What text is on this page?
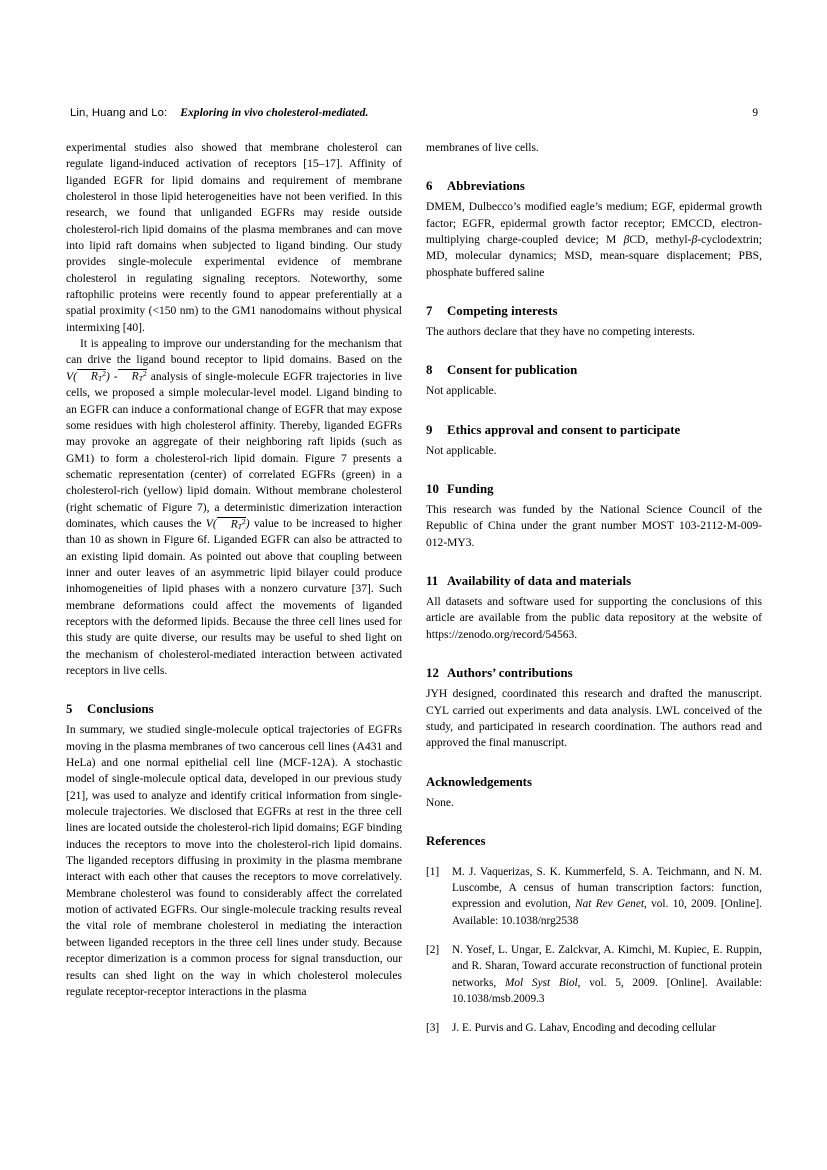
Lin, Huang and Lo: Exploring in vivo cholesterol-mediated.	9

experimental studies also showed that membrane cholesterol can regulate ligand-induced activation of receptors [15–17]. Affinity of liganded EGFR for lipid domains and requirement of membrane cholesterol in those lipid heterogeneities have not been verified. In this research, we found that unliganded EGFRs may reside outside cholesterol-rich lipid domains of the plasma membranes and can move into lipid raft domains when subjected to ligand binding. Our study provides single-molecule experimental evidence of membrane cholesterol in regulating signaling receptors. Noteworthy, some raftophilic proteins were recently found to appear preferentially at a spatial proximity (<150 nm) to the GM1 nanodomains without physical intermixing [40].

It is appealing to improve our understanding for the mechanism that can drive the ligand bound receptor to lipid domains. Based on the V( $R_T^2) - R_T^2$ analysis of single-molecule EGFR trajectories in live cells, we proposed a simple molecular-level model. Ligand binding to an EGFR can induce a conformational change of EGFR that may expose some residues with high cholesterol affinity. Thereby, liganded EGFRs may provoke an aggregate of their neighboring raft lipids (such as GM1) to form a cholesterol-rich lipid domain. Figure 7 presents a schematic representation (center) of correlated EGFRs (green) in a cholesterol-rich (yellow) lipid domain. Without membrane cholesterol (right schematic of Figure 7), a deterministic dimerization interaction dominates, which causes the V( $R_T^2$) value to be increased to higher than 10 as shown in Figure 6f. Liganded EGFR can also be attracted to an existing lipid domain. As pointed out above that coupling between inner and outer leaves of an asymmetric lipid bilayer could produce inhomogeneities of lipid phases with a nonzero curvature [37]. Such membrane deformations could affect the movements of liganded receptors with the deformed lipids. Because the three cell lines used for this study are quite diverse, our results may be useful to shed light on the mechanism of cholesterol-mediated interaction between activated receptors in live cells.

5 Conclusions

In summary, we studied single-molecule optical trajectories of EGFRs moving in the plasma membranes of two cancerous cell lines (A431 and HeLa) and one normal epithelial cell line (MCF-12A). A stochastic model of single-molecule optical data, developed in our previous study [21], was used to analyze and identify critical information from single-molecule trajectories. We disclosed that EGFRs at rest in the three cell lines are located outside the cholesterol-rich lipid domains; EGF binding induces the receptors to move into the cholesterol-rich lipid domains. The liganded receptors diffusing in proximity in the plasma membrane interact with each other that causes the receptors to move correlatively. Membrane cholesterol was found to considerably affect the correlated motion of activated EGFRs. Our single-molecule tracking results reveal the vital role of membrane cholesterol in mediating the interaction between liganded receptors in the three cell lines under study. Because receptor dimerization is a common process for signal transduction, our results can shed light on the way in which cholesterol molecules regulate receptor-receptor interactions in the plasma

membranes of live cells.

6 Abbreviations

DMEM, Dulbecco’s modified eagle’s medium; EGF, epidermal growth factor; EGFR, epidermal growth factor receptor; EMCCD, electron-multiplying charge-coupled device; M βCD, methyl-β-cyclodextrin; MD, molecular dynamics; MSD, mean-square displacement; PBS, phosphate buffered saline

7 Competing interests

The authors declare that they have no competing interests.

8 Consent for publication

Not applicable.

9 Ethics approval and consent to participate

Not applicable.

10 Funding

This research was funded by the National Science Council of the Republic of China under the grant number MOST 103-2112-M-009-012-MY3.

11 Availability of data and materials

All datasets and software used for supporting the conclusions of this article are available from the public data repository at the website of https://zenodo.org/record/54563.

12 Authors’ contributions

JYH designed, coordinated this research and drafted the manuscript. CYL carried out experiments and data analysis. LWL conceived of the study, and participated in research coordination. The authors read and approved the final manuscript.

Acknowledgements

None.

References
[1]	M. J. Vaquerizas, S. K. Kummerfeld, S. A. Teichmann, and N. M. Luscombe, A census of human transcription factors: function, expression and evolution, Nat Rev Genet, vol. 10, 2009. [Online]. Available: 10.1038/nrg2538
[2]	N. Yosef, L. Ungar, E. Zalckvar, A. Kimchi, M. Kupiec, E. Ruppin, and R. Sharan, Toward accurate reconstruction of functional protein networks, Mol Syst Biol, vol. 5, 2009. [Online]. Available: 10.1038/msb.2009.3
[3]	J. E. Purvis and G. Lahav, Encoding and decoding cellular
